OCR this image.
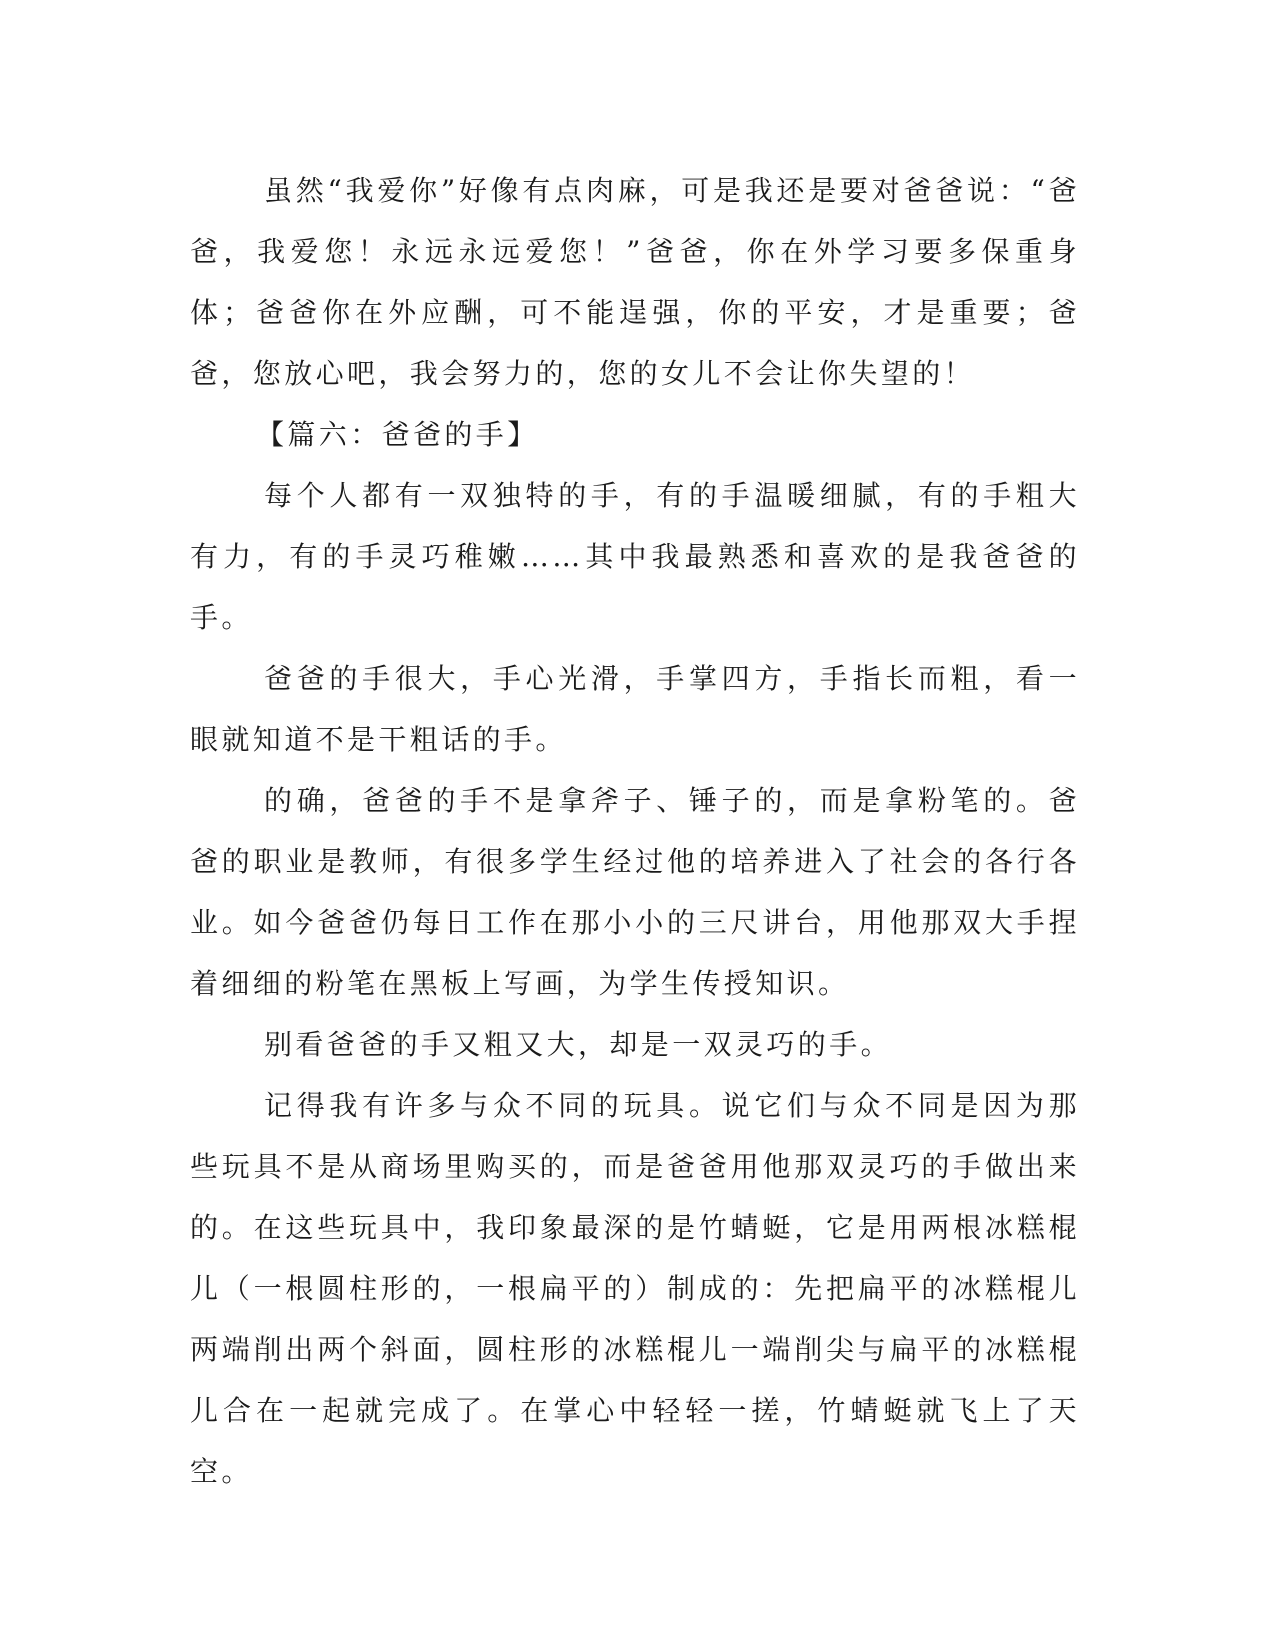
虽然“我爱你”好像有点肉麻，可是我还是要对爸爸说：“爸爸，我爱您！永远永远爱您！”爸爸，你在外学习要多保重身体；爸爸你在外应酬，可不能逞强，你的平安，才是重要；爸爸，您放心吧，我会努力的，您的女儿不会让你失望的！

【篇六：爸爸的手】

每个人都有一双独特的手，有的手温暖细腻，有的手粗大有力，有的手灵巧稚嫩……其中我最熟悉和喜欢的是我爸爸的手。

爸爸的手很大，手心光滑，手掌四方，手指长而粗，看一眼就知道不是干粗话的手。

的确，爸爸的手不是拿斧子、锤子的，而是拿粉笔的。爸爸的职业是教师，有很多学生经过他的培养进入了社会的各行各业。如今爸爸仍每日工作在那小小的三尺讲台，用他那双大手捏着细细的粉笔在黑板上写画，为学生传授知识。

别看爸爸的手又粗又大，却是一双灵巧的手。

记得我有许多与众不同的玩具。说它们与众不同是因为那些玩具不是从商场里购买的，而是爸爸用他那双灵巧的手做出来的。在这些玩具中，我印象最深的是竹蜻蜓，它是用两根冰糕棍儿（一根圆柱形的，一根扁平的）制成的：先把扁平的冰糕棍儿两端削出两个斜面，圆柱形的冰糕棍儿一端削尖与扁平的冰糕棍儿合在一起就完成了。在掌心中轻轻一搓，竹蜻蜓就飞上了天空。
